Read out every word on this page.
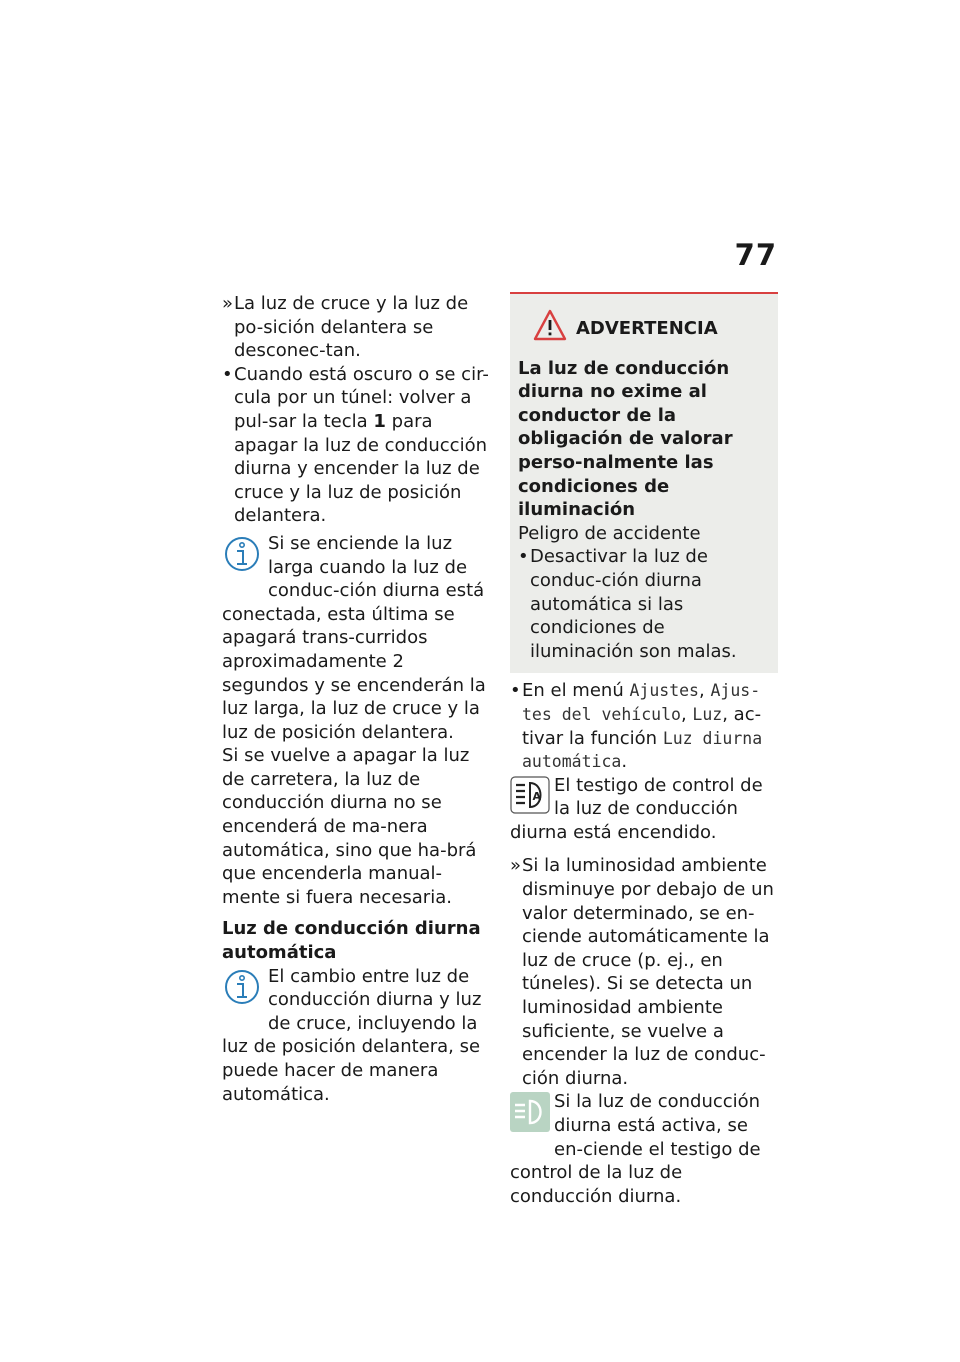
77
» La luz de cruce y la luz de po-sición delantera se desconec-tan.
• Cuando está oscuro o se cir-cula por un túnel: volver a pul-sar la tecla 1 para apagar la luz de conducción diurna y encender la luz de cruce y la luz de posición delantera.

Si se enciende la luz larga cuando la luz de conduc-ción diurna está conectada, esta última se apagará trans-curridos aproximadamente 2 segundos y se encenderán la luz larga, la luz de cruce y la luz de posición delantera.

Si se vuelve a apagar la luz de carretera, la luz de conducción diurna no se encenderá de ma-nera automática, sino que ha-brá que encenderla manual-mente si fuera necesaria.

Luz de conducción diurna automática

El cambio entre luz de conducción diurna y luz de cruce, incluyendo la luz de posición delantera, se puede hacer de manera automática.

ADVERTENCIA

La luz de conducción diurna no exime al conductor de la obligación de valorar perso-nalmente las condiciones de iluminación

Peligro de accidente

• Desactivar la luz de conduc-ción diurna automática si las condiciones de iluminación son malas.
• En el menú Ajustes, Ajus-tes del vehículo, Luz, ac-tivar la función Luz diurna automática.
A

El testigo de control de la luz de conducción diurna está encendido.

» Si la luminosidad ambiente disminuye por debajo de un valor determinado, se en-ciende automáticamente la luz de cruce (p. ej., en túneles). Si se detecta un luminosidad ambiente suficiente, se vuelve a encender la luz de conduc-ción diurna.

Si la luz de conducción diurna está activa, se en-ciende el testigo de control de la luz de conducción diurna.
